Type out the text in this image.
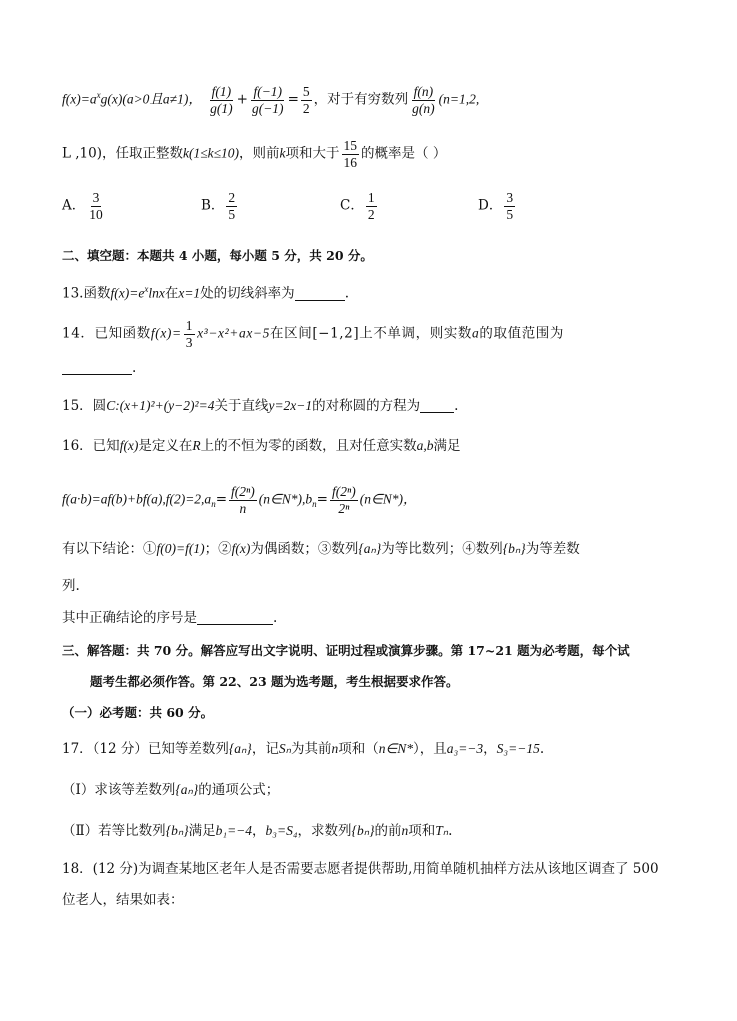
$f(x)=a^xg(x)(a>0$且a≠1)， $\frac{f(1)}{g(1)} + \frac{f(-1)}{g(-1)} = \frac{5}{2}$ ，对于有穷数列 $\frac{f(n)}{g(n)} (n=1,2$,
L ,10)，任取正整数k(1≤k≤10)，则前k项和大于 $\frac{15}{16}$ 的概率是（ ）
A． $\frac{3}{10}$	B． $\frac{2}{5}$	C． $\frac{1}{2}$	D． $\frac{3}{5}$
二、填空题：本题共 4 小题，每小题 5 分，共 20 分。
13.函数$f(x)=e^x\ln x$在x=1处的切线斜率为	.
14．已知函数$f(x)= \frac{1}{3} x^3-x^2+ax-5$在区间[−1,2]上不单调，则实数a的取值范围为
.
15．圆C:(x+1)²+(y−2)²=4关于直线y=2x−1的对称圆的方程为	.
16．已知f(x)是定义在R上的不恒为零的函数，且对任意实数a,b满足
$f(a\cdot b)=af(b)+bf(a),f(2)=2,a_n= \frac{\text{f(2ⁿ)}}{n}$ $(n\in N*),b_n= \frac{\text{f(2ⁿ)}}{\text{2ⁿ}}$ (n∈N*)，
有以下结论：①f(0)=f(1)；②f(x)为偶函数；③数列{aₙ}为等比数列；④数列{bₙ}为等差数
列.
其中正确结论的序号是	.
三、解答题：共 70 分。解答应写出文字说明、证明过程或演算步骤。第 17~21 题为必考题，每个试
题考生都必须作答。第 22、23 题为选考题，考生根据要求作答。
（一）必考题：共 60 分。
17．（12 分）已知等差数列{aₙ}，记Sₙ为其前n项和（n∈N*），且a₃=−3，S₃=−15.
（Ⅰ）求该等差数列{aₙ}的通项公式；
（Ⅱ）若等比数列{bₙ}满足b₁=−4，b₃=S₄，求数列{bₙ}的前n项和Tₙ.
18．(12 分)为调查某地区老年人是否需要志愿者提供帮助,用简单随机抽样方法从该地区调查了 500
位老人，结果如表：
